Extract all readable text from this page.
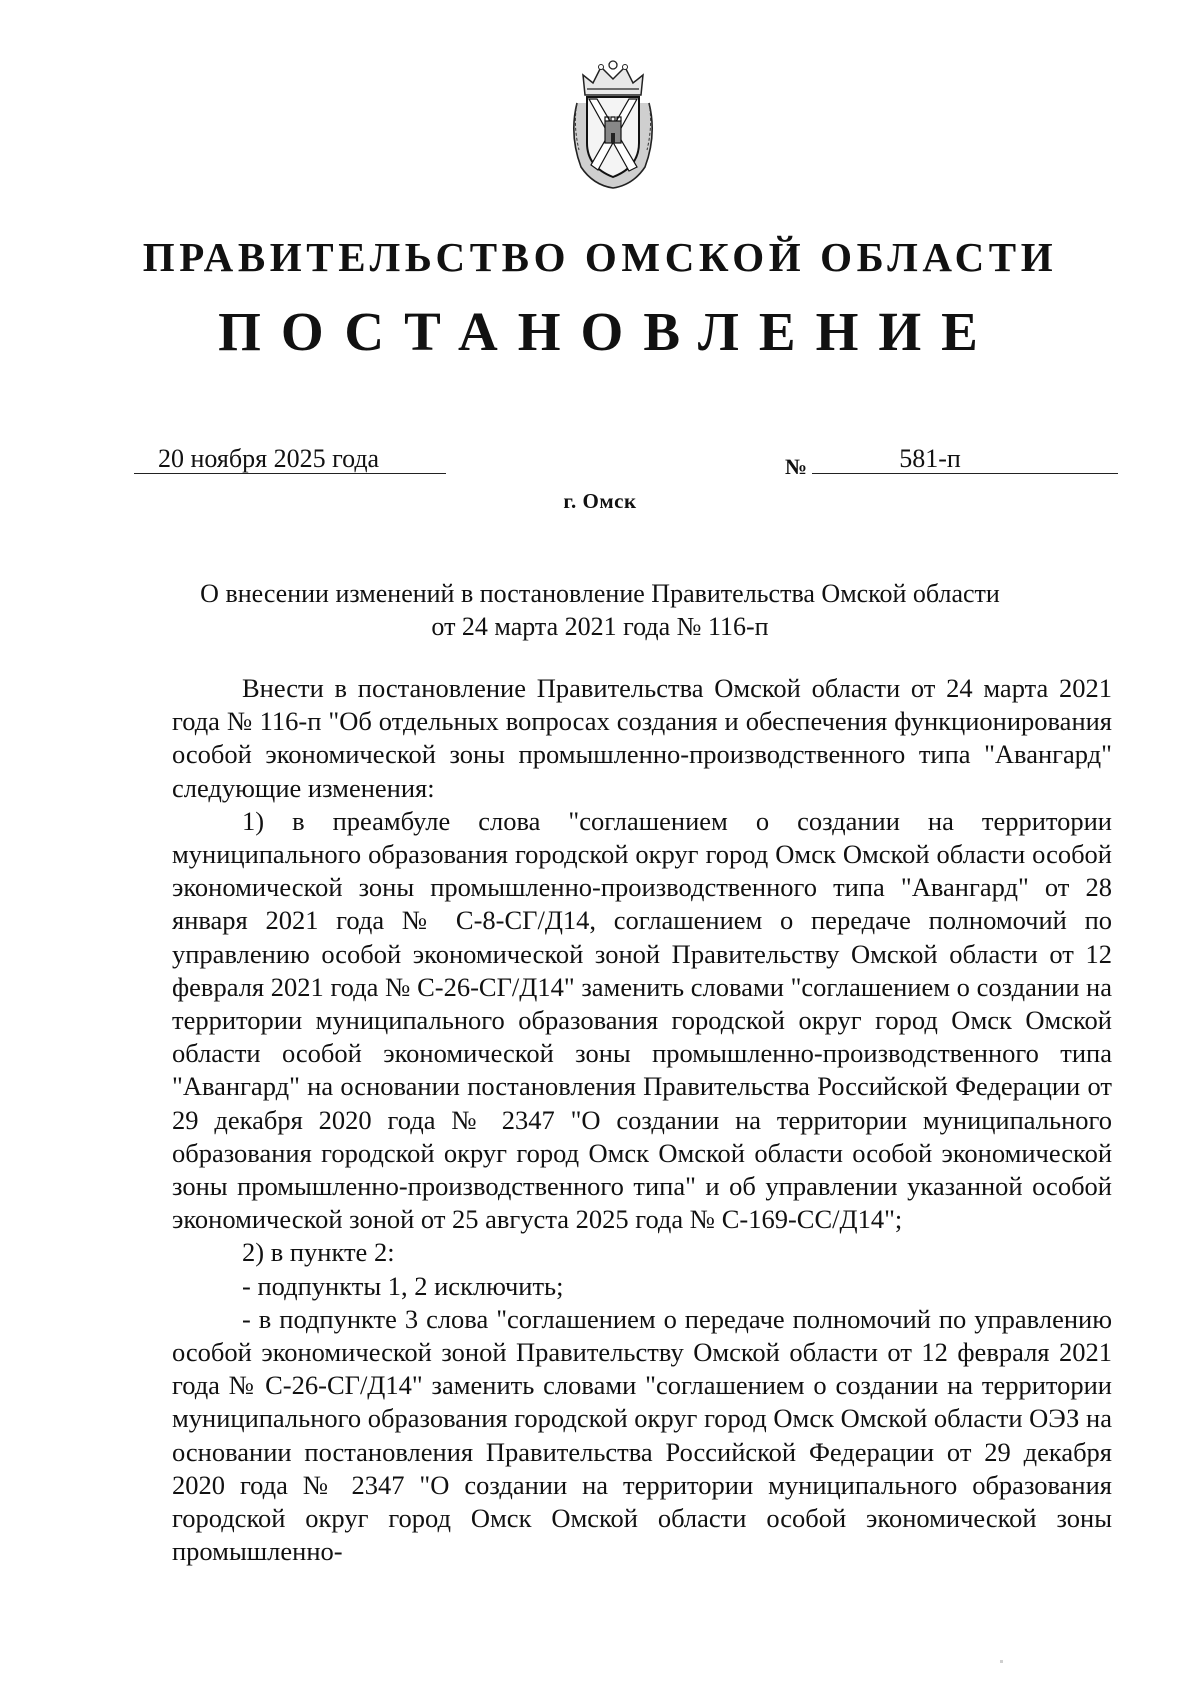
ПРАВИТЕЛЬСТВО ОМСКОЙ ОБЛАСТИ
ПОСТАНОВЛЕНИЕ
20 ноября 2025 года	№	581-п
г. Омск
О внесении изменений в постановление Правительства Омской области
от 24 марта 2021 года № 116-п

Внести в постановление Правительства Омской области от 24 марта 2021 года № 116-п "Об отдельных вопросах создания и обеспечения функционирования особой экономической зоны промышленно-производственного типа "Авангард" следующие изменения:

1) в преамбуле слова "соглашением о создании на территории муниципального образования городской округ город Омск Омской области особой экономической зоны промышленно-производственного типа "Авангард" от 28 января 2021 года № С-8-СГ/Д14, соглашением о передаче полномочий по управлению особой экономической зоной Правительству Омской области от 12 февраля 2021 года № С-26-СГ/Д14" заменить словами "соглашением о создании на территории муниципального образования городской округ город Омск Омской области особой экономической зоны промышленно-производственного типа "Авангард" на основании постановления Правительства Российской Федерации от 29 декабря 2020 года № 2347 "О создании на территории муниципального образования городской округ город Омск Омской области особой экономической зоны промышленно-производственного типа" и об управлении указанной особой экономической зоной от 25 августа 2025 года № С-169-СС/Д14";

2) в пункте 2:

- подпункты 1, 2 исключить;

- в подпункте 3 слова "соглашением о передаче полномочий по управлению особой экономической зоной Правительству Омской области от 12 февраля 2021 года № С-26-СГ/Д14" заменить словами "соглашением о создании на территории муниципального образования городской округ город Омск Омской области ОЭЗ на основании постановления Правительства Российской Федерации от 29 декабря 2020 года № 2347 "О создании на территории муниципального образования городской округ город Омск Омской области особой экономической зоны промышленно-
